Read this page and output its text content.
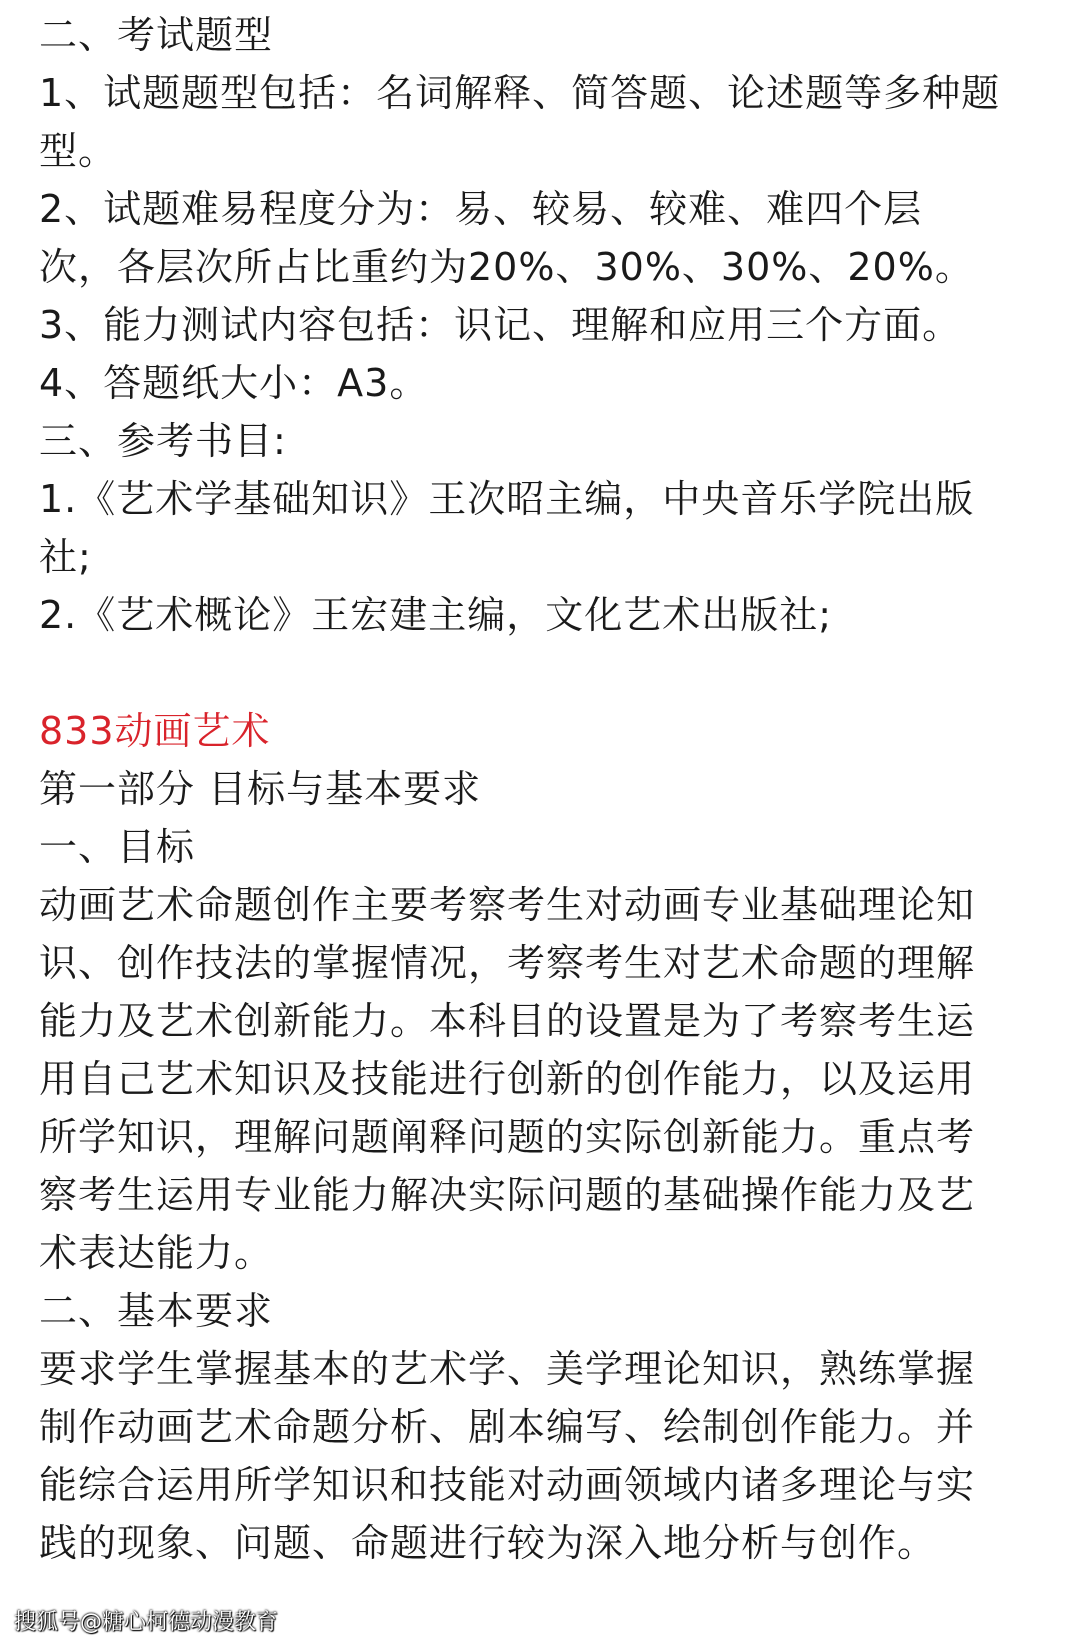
二、考试题型
1、试题题型包括：名词解释、简答题、论述题等多种题
型。
2、试题难易程度分为：易、较易、较难、难四个层
次，各层次所占比重约为20%、30%、30%、20%。
3、能力测试内容包括：识记、理解和应用三个方面。
4、答题纸大小：A3。
三、参考书目:
1.《艺术学基础知识》王次昭主编，中央音乐学院出版
社;
2.《艺术概论》王宏建主编，文化艺术出版社;
833动画艺术
第一部分 目标与基本要求
一、目标
动画艺术命题创作主要考察考生对动画专业基础理论知
识、创作技法的掌握情况，考察考生对艺术命题的理解
能力及艺术创新能力。本科目的设置是为了考察考生运
用自己艺术知识及技能进行创新的创作能力，以及运用
所学知识，理解问题阐释问题的实际创新能力。重点考
察考生运用专业能力解决实际问题的基础操作能力及艺
术表达能力。
二、基本要求
要求学生掌握基本的艺术学、美学理论知识，熟练掌握
制作动画艺术命题分析、剧本编写、绘制创作能力。并
能综合运用所学知识和技能对动画领域内诸多理论与实
践的现象、问题、命题进行较为深入地分析与创作。
搜狐号@糖心柯德动漫教育
